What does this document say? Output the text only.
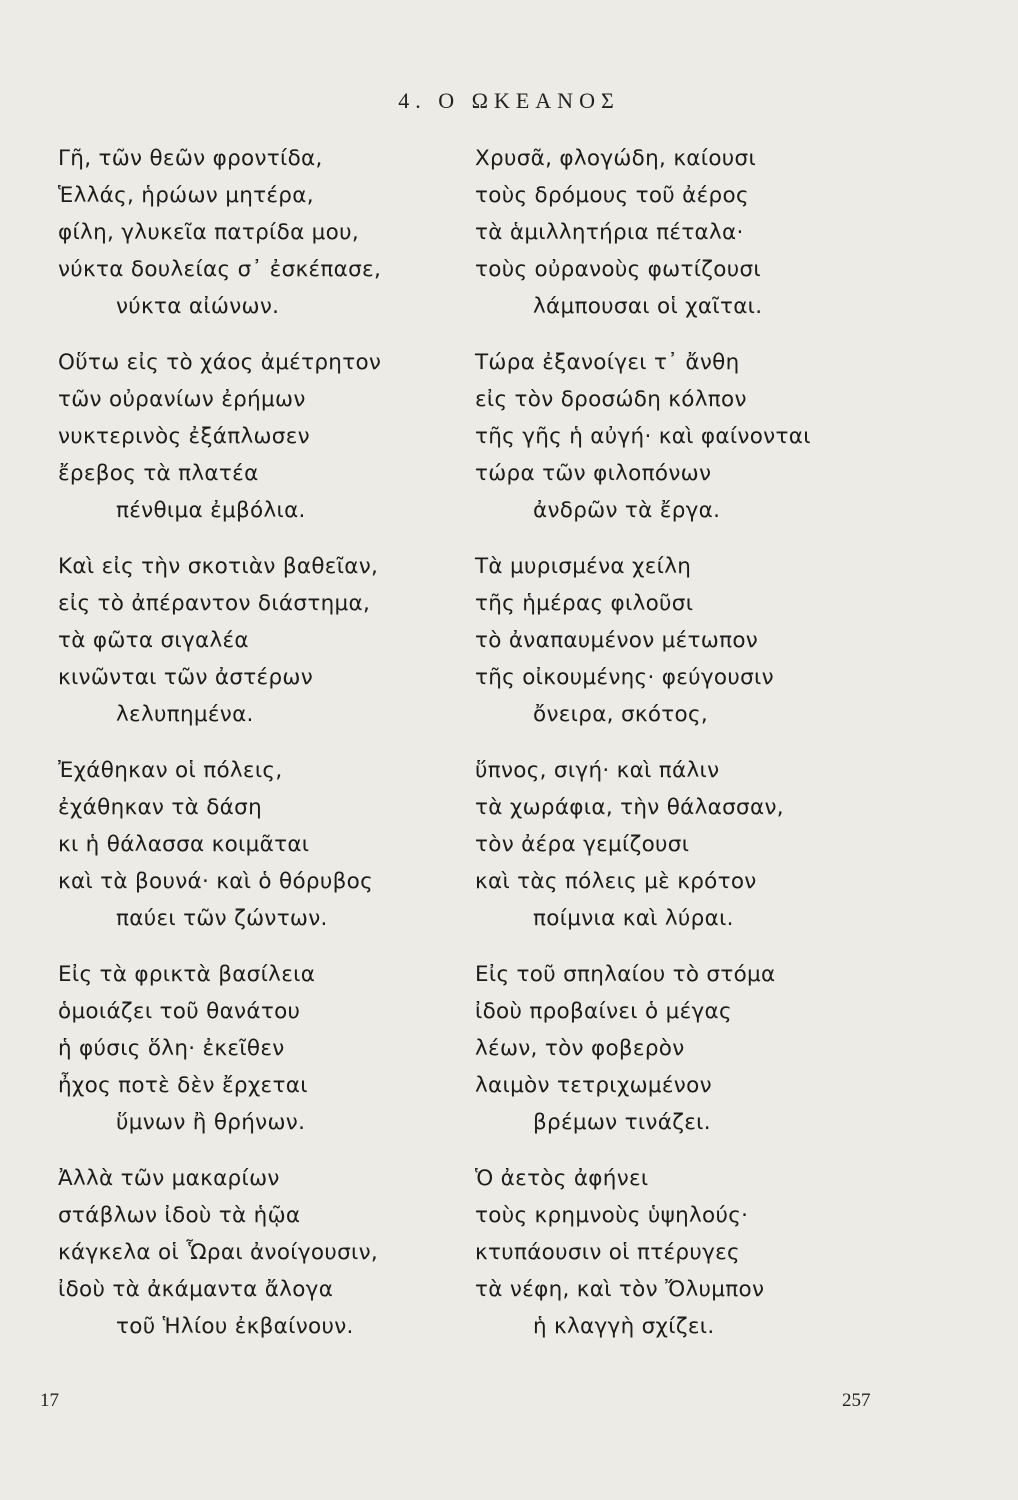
4. Ο ΩΚΕΑΝΟΣ
Γῆ, τῶν θεῶν φροντίδα,
Ἑλλάς, ἡρώων μητέρα,
φίλη, γλυκεῖα πατρίδα μου,
νύκτα δουλείας σ᾽ ἐσκέπασε,
νύκτα αἰώνων.
Οὕτω εἰς τὸ χάος ἀμέτρητον
τῶν οὐρανίων ἐρήμων
νυκτερινὸς ἐξάπλωσεν
ἔρεβος τὰ πλατέα
πένθιμα ἐμβόλια.
Καὶ εἰς τὴν σκοτιὰν βαθεῖαν,
εἰς τὸ ἀπέραντον διάστημα,
τὰ φῶτα σιγαλέα
κινῶνται τῶν ἀστέρων
λελυπημένα.
Ἐχάθηκαν οἱ πόλεις,
ἐχάθηκαν τὰ δάση
κι ἡ θάλασσα κοιμᾶται
καὶ τὰ βουνά· καὶ ὁ θόρυβος
παύει τῶν ζώντων.
Εἰς τὰ φρικτὰ βασίλεια
ὁμοιάζει τοῦ θανάτου
ἡ φύσις ὅλη· ἐκεῖθεν
ἦχος ποτὲ δὲν ἔρχεται
ὕμνων ἢ θρήνων.
Ἀλλὰ τῶν μακαρίων
στάβλων ἰδοὺ τὰ ἡῷα
κάγκελα οἱ Ὧραι ἀνοίγουσιν,
ἰδοὺ τὰ ἀκάμαντα ἄλογα
τοῦ Ἡλίου ἐκβαίνουν.
Χρυσᾶ, φλογώδη, καίουσι
τοὺς δρόμους τοῦ ἀέρος
τὰ ἁμιλλητήρια πέταλα·
τοὺς οὐρανοὺς φωτίζουσι
λάμπουσαι οἱ χαῖται.
Τώρα ἐξανοίγει τ᾽ ἄνθη
εἰς τὸν δροσώδη κόλπον
τῆς γῆς ἡ αὐγή· καὶ φαίνονται
τώρα τῶν φιλοπόνων
ἀνδρῶν τὰ ἔργα.
Τὰ μυρισμένα χείλη
τῆς ἡμέρας φιλοῦσι
τὸ ἀναπαυμένον μέτωπον
τῆς οἰκουμένης· φεύγουσιν
ὄνειρα, σκότος,
ὕπνος, σιγή· καὶ πάλιν
τὰ χωράφια, τὴν θάλασσαν,
τὸν ἀέρα γεμίζουσι
καὶ τὰς πόλεις μὲ κρότον
ποίμνια καὶ λύραι.
Εἰς τοῦ σπηλαίου τὸ στόμα
ἰδοὺ προβαίνει ὁ μέγας
λέων, τὸν φοβερὸν
λαιμὸν τετριχωμένον
βρέμων τινάζει.
Ὁ ἀετὸς ἀφήνει
τοὺς κρημνοὺς ὑψηλούς·
κτυπάουσιν οἱ πτέρυγες
τὰ νέφη, καὶ τὸν Ὄλυμπον
ἡ κλαγγὴ σχίζει.
17	257
